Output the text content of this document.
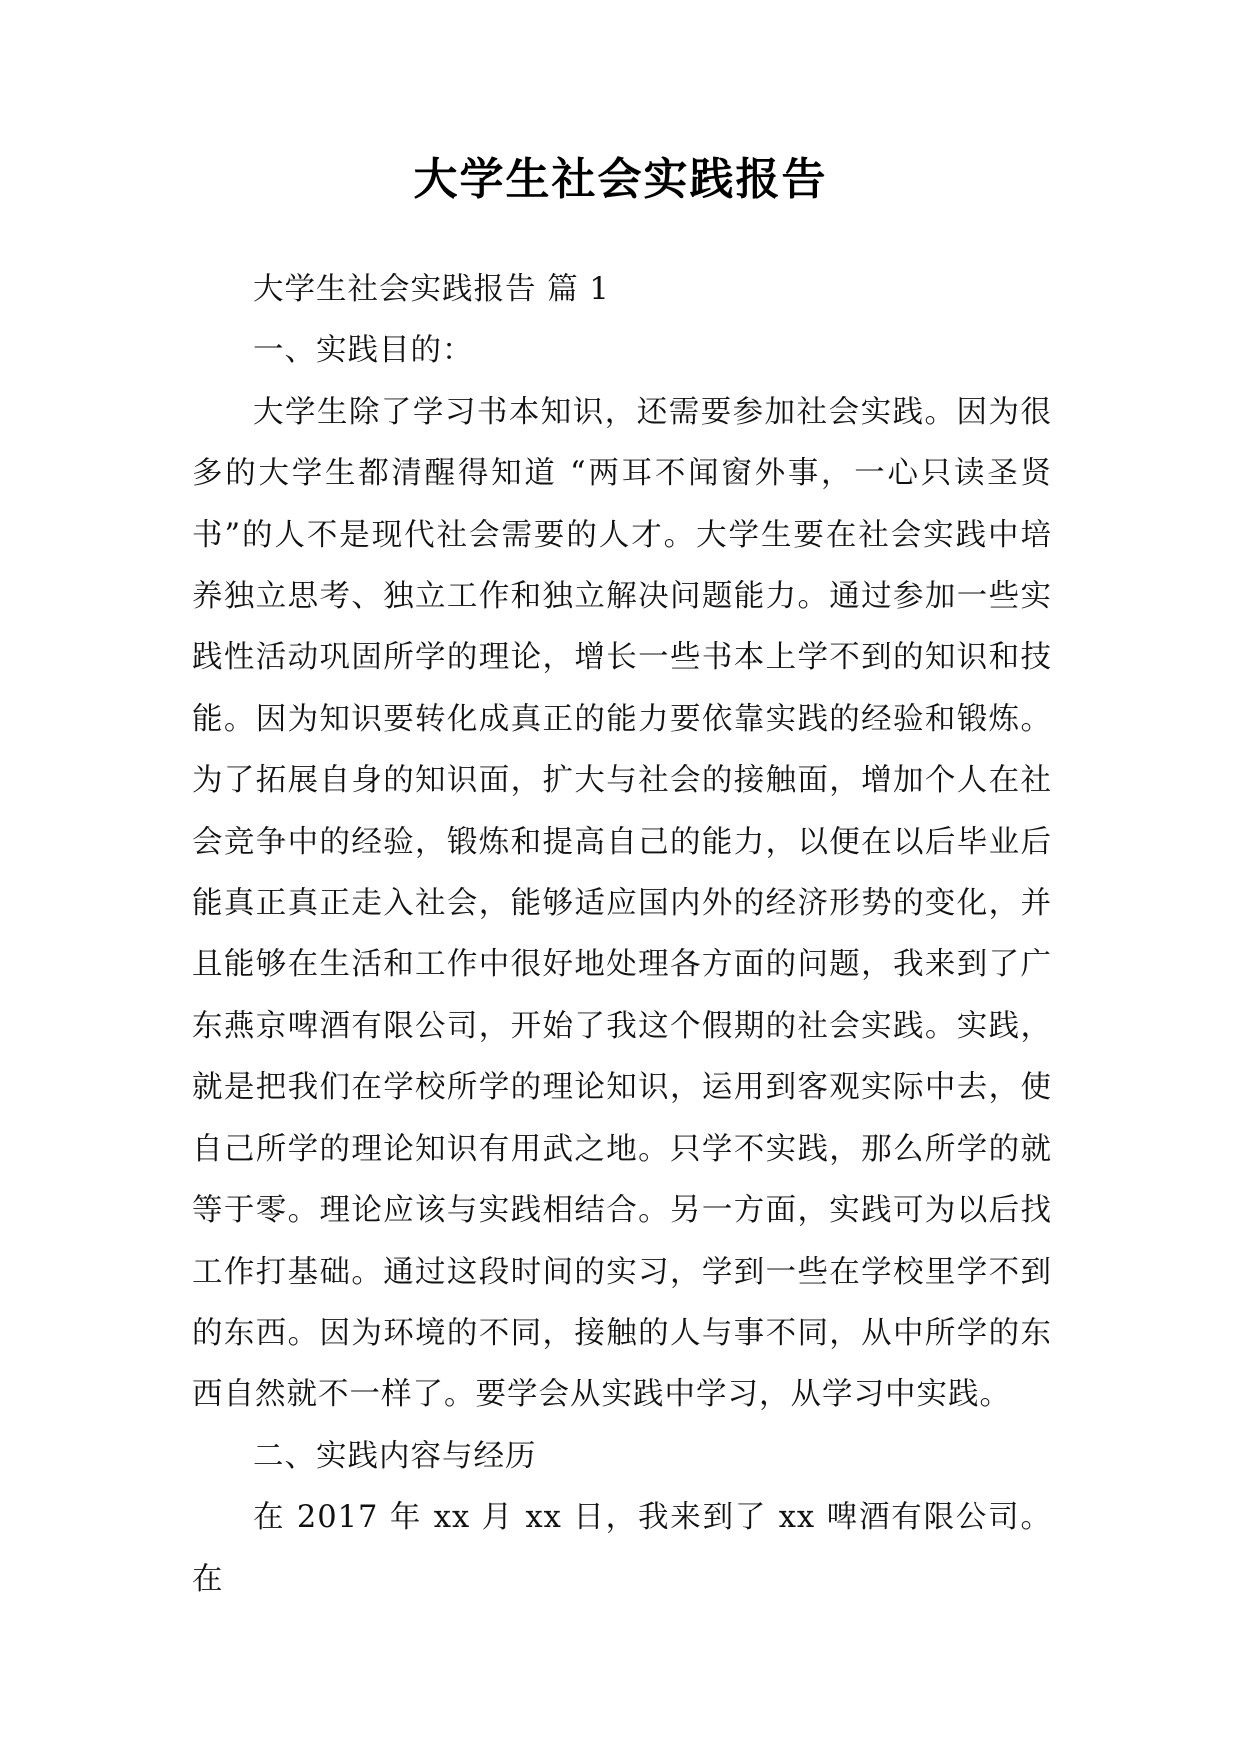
大学生社会实践报告

大学生社会实践报告 篇 1

一、实践目的：

大学生除了学习书本知识，还需要参加社会实践。因为很多的大学生都清醒得知道 “两耳不闻窗外事，一心只读圣贤书”的人不是现代社会需要的人才。大学生要在社会实践中培养独立思考、独立工作和独立解决问题能力。通过参加一些实践性活动巩固所学的理论，增长一些书本上学不到的知识和技能。因为知识要转化成真正的能力要依靠实践的经验和锻炼。为了拓展自身的知识面，扩大与社会的接触面，增加个人在社会竞争中的经验，锻炼和提高自己的能力，以便在以后毕业后能真正真正走入社会，能够适应国内外的经济形势的变化，并且能够在生活和工作中很好地处理各方面的问题，我来到了广东燕京啤酒有限公司，开始了我这个假期的社会实践。实践，就是把我们在学校所学的理论知识，运用到客观实际中去，使自己所学的理论知识有用武之地。只学不实践，那么所学的就等于零。理论应该与实践相结合。另一方面，实践可为以后找工作打基础。通过这段时间的实习，学到一些在学校里学不到的东西。因为环境的不同，接触的人与事不同，从中所学的东西自然就不一样了。要学会从实践中学习，从学习中实践。

二、实践内容与经历

在 2017 年 xx 月 xx 日，我来到了 xx 啤酒有限公司。在
